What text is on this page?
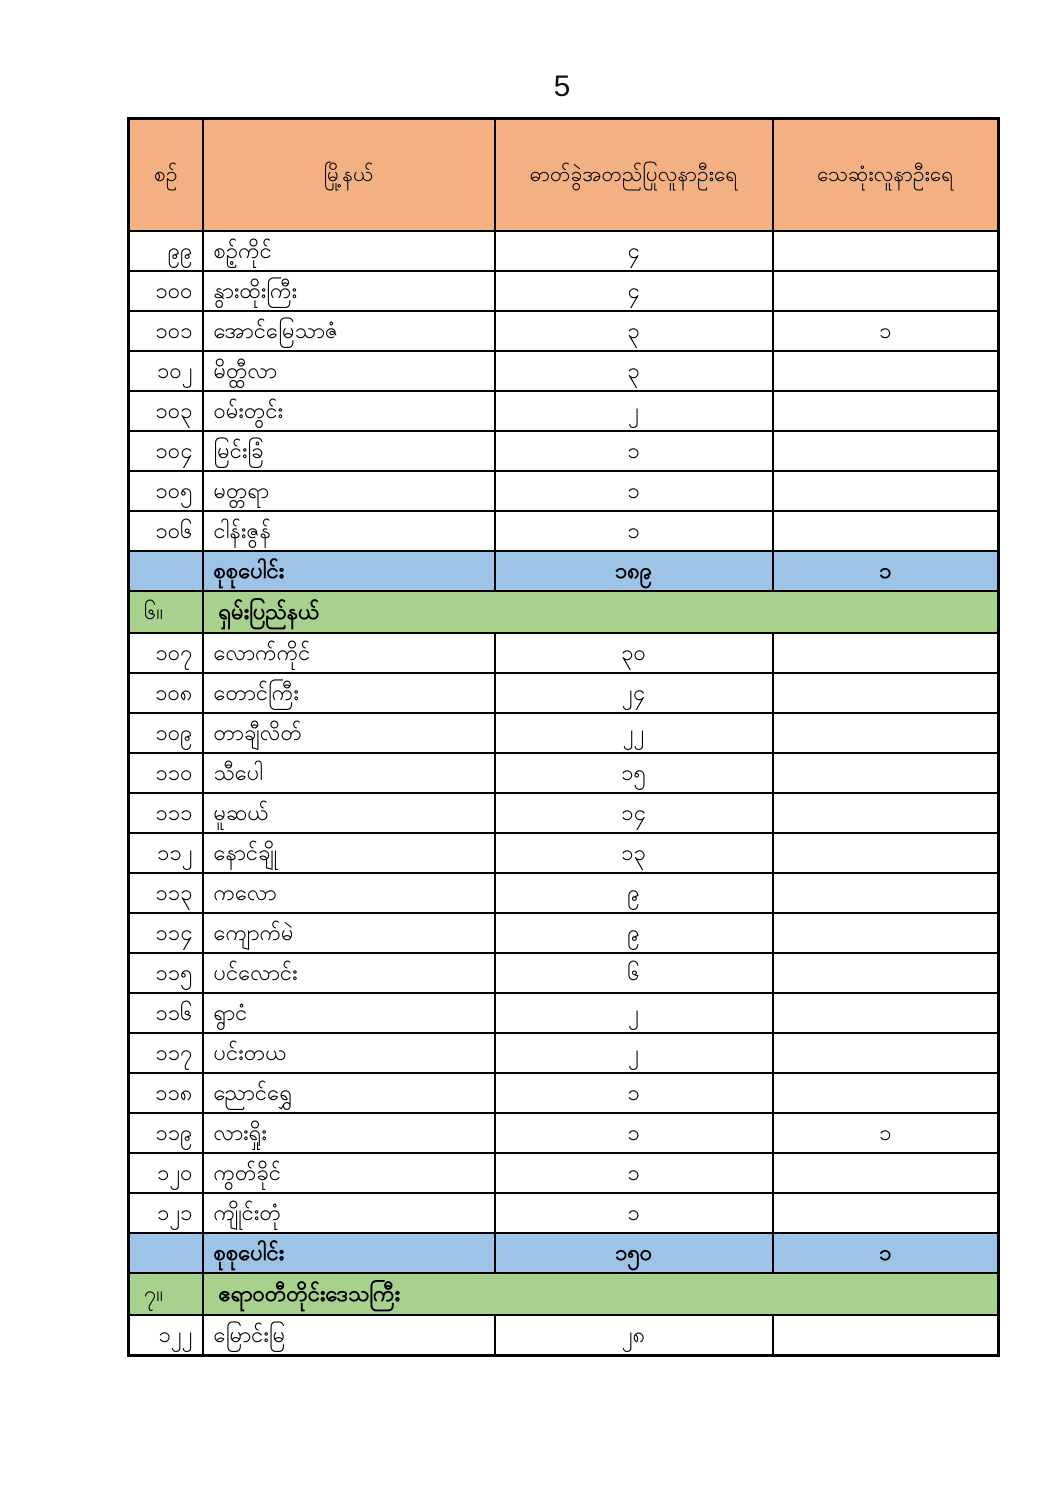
5
စဉ်	မြို့နယ်	ဓာတ်ခွဲအတည်ပြုလူနာဦးရေ	သေဆုံးလူနာဦးရေ
၉၉	စဉ့်ကိုင်	၄	
၁၀၀	နွားထိုးကြီး	၄	
၁၀၁	အောင်မြေသာဇံ	၃	၁
၁၀၂	မိတ္ထီလာ	၃	
၁၀၃	ဝမ်းတွင်း	၂	
၁၀၄	မြင်းခြံ	၁	
၁၀၅	မတ္တရာ	၁	
၁၀၆	ငါန်းဇွန်	၁	
	စုစုပေါင်း	၁၈၉	၁
၆။	ရှမ်းပြည်နယ်		
၁၀၇	လောက်ကိုင်	၃၀	
၁၀၈	တောင်ကြီး	၂၄	
၁၀၉	တာချီလိတ်	၂၂	
၁၁၀	သီပေါ	၁၅	
၁၁၁	မူဆယ်	၁၄	
၁၁၂	နောင်ချို	၁၃	
၁၁၃	ကလော	၉	
၁၁၄	ကျောက်မဲ	၉	
၁၁၅	ပင်လောင်း	၆	
၁၁၆	ရွာငံ	၂	
၁၁၇	ပင်းတယ	၂	
၁၁၈	ညောင်ရွှေ	၁	
၁၁၉	လားရှိုး	၁	၁
၁၂၀	ကွတ်ခိုင်	၁	
၁၂၁	ကျိုင်းတုံ	၁	
	စုစုပေါင်း	၁၅၀	၁
၇။	ဧရာဝတီတိုင်းဒေသကြီး		
၁၂၂	မြောင်းမြ	၂၈	
